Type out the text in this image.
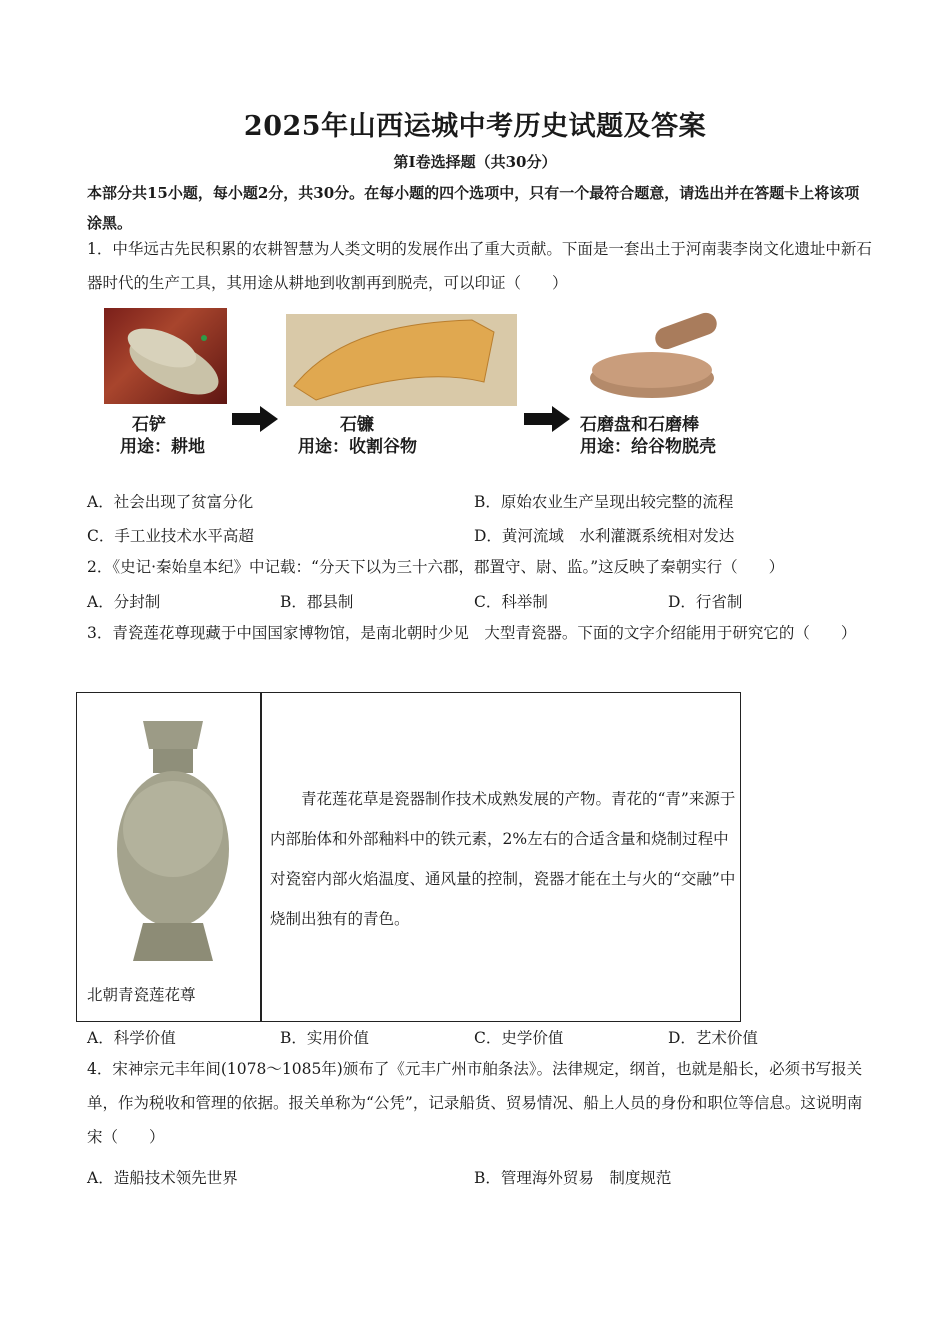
2025年山西运城中考历史试题及答案
第Ⅰ卷选择题（共30分）
本部分共15小题，每小题2分，共30分。在每小题的四个选项中，只有一个最符合题意，请选出并在答题卡上将该项涂黑。
1．中华远古先民积累的农耕智慧为人类文明的发展作出了重大贡献。下面是一套出土于河南裴李岗文化遗址中新石器时代的生产工具，其用途从耕地到收割再到脱壳，可以印证（　　）
石铲
用途：耕地
石镰
用途：收割谷物
石磨盘和石磨棒
用途：给谷物脱壳
A．社会出现了贫富分化	B．原始农业生产呈现出较完整的流程
C．手工业技术水平高超	D．黄河流域　水利灌溉系统相对发达
2．《史记·秦始皇本纪》中记载：“分天下以为三十六郡，郡置守、尉、监。”这反映了秦朝实行（　　）
A．分封制	B．郡县制	C．科举制	D．行省制
3．青瓷莲花尊现藏于中国国家博物馆，是南北朝时少见　大型青瓷器。下面的文字介绍能用于研究它的（　　）
北朝青瓷莲花尊
青花莲花草是瓷器制作技术成熟发展的产物。青花的“青”来源于内部胎体和外部釉料中的铁元素，2%左右的合适含量和烧制过程中对瓷窑内部火焰温度、通风量的控制，瓷器才能在土与火的“交融”中烧制出独有的青色。
A．科学价值	B．实用价值	C．史学价值	D．艺术价值
4．宋神宗元丰年间(1078～1085年)颁布了《元丰广州市舶条法》。法律规定，纲首，也就是船长，必须书写报关单，作为税收和管理的依据。报关单称为“公凭”，记录船货、贸易情况、船上人员的身份和职位等信息。这说明南宋（　　）
A．造船技术领先世界	B．管理海外贸易　制度规范
